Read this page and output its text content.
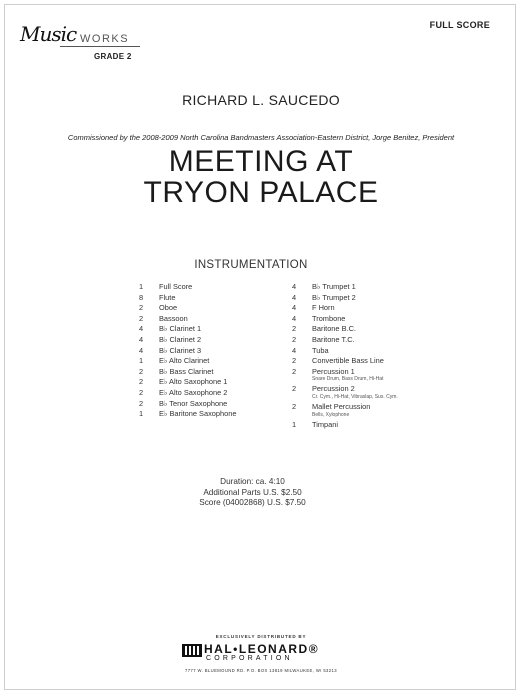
Music WORKS
GRADE 2
FULL SCORE
RICHARD L. SAUCEDO
Commissioned by the 2008-2009 North Carolina Bandmasters Association-Eastern District, Jorge Benitez, President
MEETING AT
TRYON PALACE
INSTRUMENTATION
1	Full Score
8	Flute
2	Oboe
2	Bassoon
4	B♭ Clarinet 1
4	B♭ Clarinet 2
4	B♭ Clarinet 3
1	E♭ Alto Clarinet
2	B♭ Bass Clarinet
2	E♭ Alto Saxophone 1
2	E♭ Alto Saxophone 2
2	B♭ Tenor Saxophone
1	E♭ Baritone Saxophone
4	B♭ Trumpet 1
4	B♭ Trumpet 2
4	F Horn
4	Trombone
2	Baritone B.C.
2	Baritone T.C.
4	Tuba
2	Convertible Bass Line
2	Percussion 1
Snare Drum, Bass Drum, Hi-Hat
2	Percussion 2
Cr. Cym., Hi-Hat, Vibraslap, Sus. Cym.
2	Mallet Percussion
Bells, Xylophone
1	Timpani
Duration: ca. 4:10
Additional Parts U.S. $2.50
Score (04002868) U.S. $7.50
EXCLUSIVELY DISTRIBUTED BY
HAL•LEONARD®
CORPORATION
7777 W. BLUEMOUND RD. P.O. BOX 13819 MILWAUKEE, WI 53213
